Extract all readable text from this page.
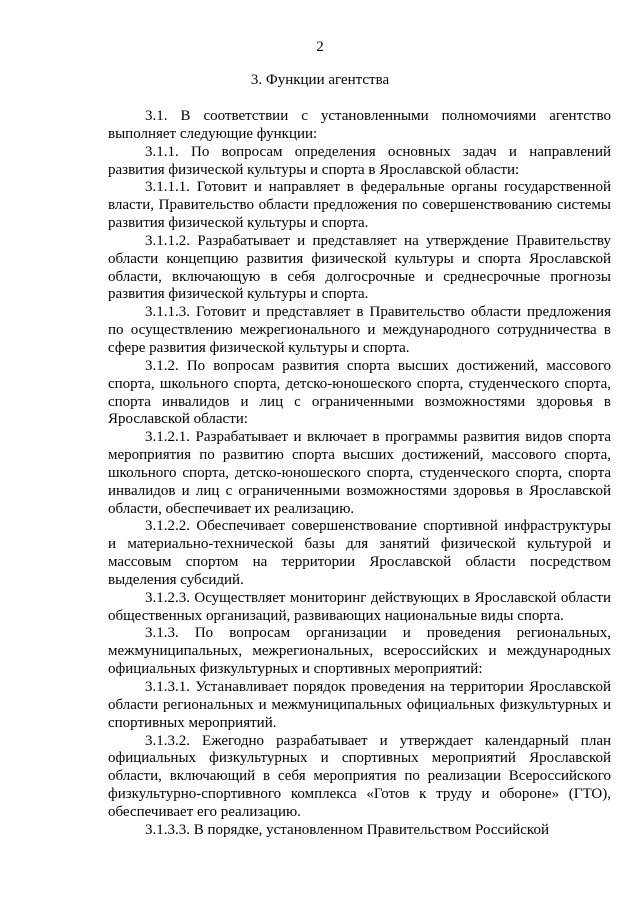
2
3. Функции агентства

3.1. В соответствии с установленными полномочиями агентство выполняет следующие функции:

3.1.1. По вопросам определения основных задач и направлений развития физической культуры и спорта в Ярославской области:

3.1.1.1. Готовит и направляет в федеральные органы государственной власти, Правительство области предложения по совершенствованию системы развития физической культуры и спорта.

3.1.1.2. Разрабатывает и представляет на утверждение Правительству области концепцию развития физической культуры и спорта Ярославской области, включающую в себя долгосрочные и среднесрочные прогнозы развития физической культуры и спорта.

3.1.1.3. Готовит и представляет в Правительство области предложения по осуществлению межрегионального и международного сотрудничества в сфере развития физической культуры и спорта.

3.1.2. По вопросам развития спорта высших достижений, массового спорта, школьного спорта, детско-юношеского спорта, студенческого спорта, спорта инвалидов и лиц с ограниченными возможностями здоровья в Ярославской области:

3.1.2.1. Разрабатывает и включает в программы развития видов спорта мероприятия по развитию спорта высших достижений, массового спорта, школьного спорта, детско-юношеского спорта, студенческого спорта, спорта инвалидов и лиц с ограниченными возможностями здоровья в Ярославской области, обеспечивает их реализацию.

3.1.2.2. Обеспечивает совершенствование спортивной инфраструктуры и материально-технической базы для занятий физической культурой и массовым спортом на территории Ярославской области посредством выделения субсидий.

3.1.2.3. Осуществляет мониторинг действующих в Ярославской области общественных организаций, развивающих национальные виды спорта.

3.1.3. По вопросам организации и проведения региональных, межмуниципальных, межрегиональных, всероссийских и международных официальных физкультурных и спортивных мероприятий:

3.1.3.1. Устанавливает порядок проведения на территории Ярославской области региональных и межмуниципальных официальных физкультурных и спортивных мероприятий.

3.1.3.2. Ежегодно разрабатывает и утверждает календарный план официальных физкультурных и спортивных мероприятий Ярославской области, включающий в себя мероприятия по реализации Всероссийского физкультурно-спортивного комплекса «Готов к труду и обороне» (ГТО), обеспечивает его реализацию.

3.1.3.3. В порядке, установленном Правительством Российской
